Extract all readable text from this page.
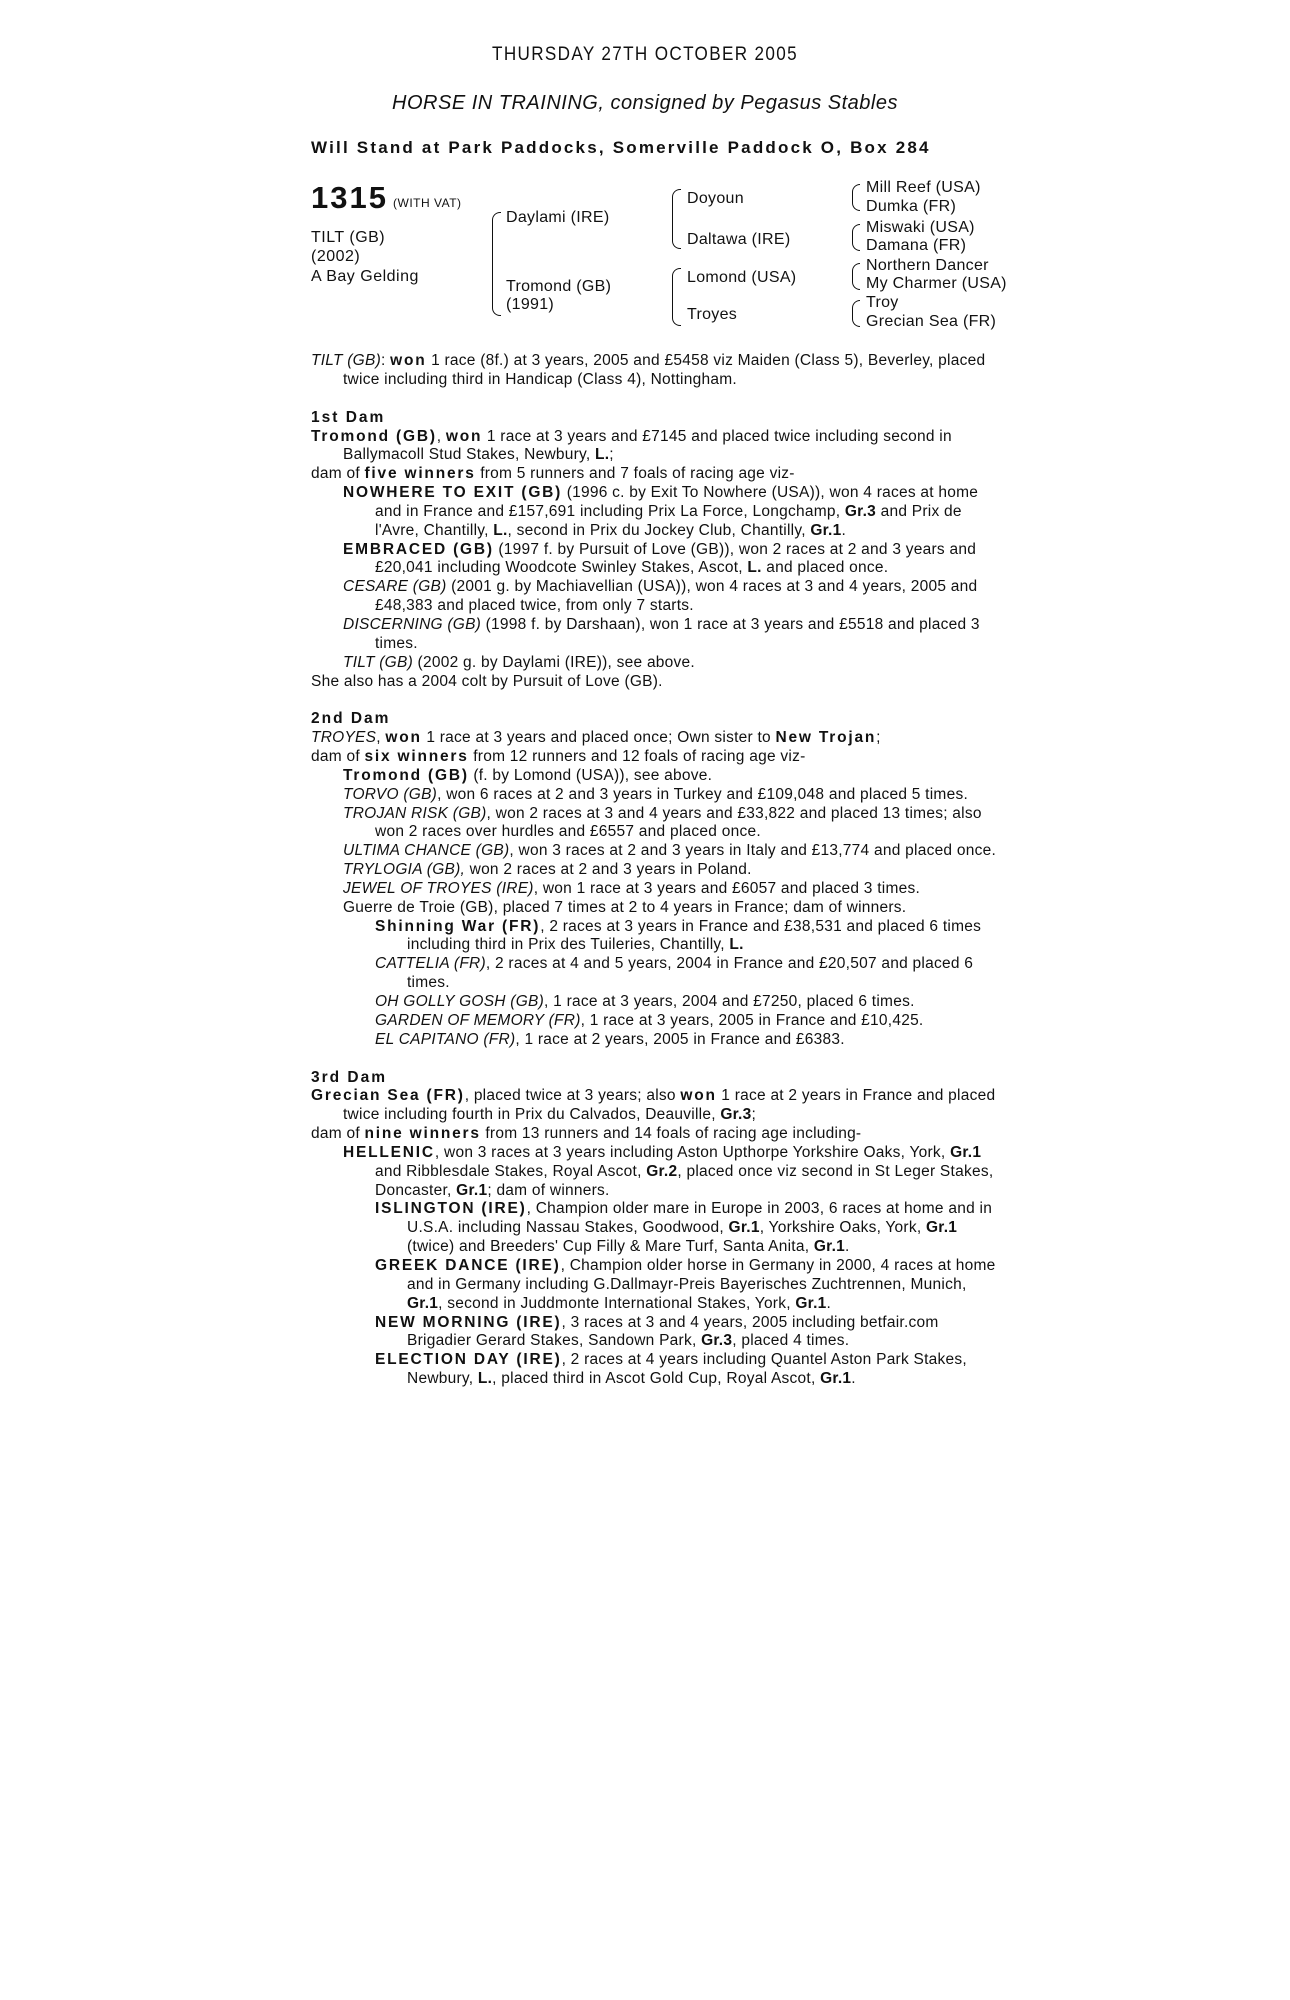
THURSDAY 27TH OCTOBER 2005
HORSE IN TRAINING, consigned by Pegasus Stables
Will Stand at Park Paddocks, Somerville Paddock O, Box 284
1315 (WITH VAT)
TILT (GB)
(2002)
A Bay Gelding
Daylami (IRE)
Tromond (GB)
(1991)
Doyoun
Daltawa (IRE)
Lomond (USA)
Troyes
Mill Reef (USA)
Dumka (FR)
Miswaki (USA)
Damana (FR)
Northern Dancer
My Charmer (USA)
Troy
Grecian Sea (FR)

TILT (GB): won 1 race (8f.) at 3 years, 2005 and £5458 viz Maiden (Class 5), Beverley, placed twice including third in Handicap (Class 4), Nottingham.

1st Dam

Tromond (GB), won 1 race at 3 years and £7145 and placed twice including second in Ballymacoll Stud Stakes, Newbury, L.;

dam of five winners from 5 runners and 7 foals of racing age viz-

NOWHERE TO EXIT (GB) (1996 c. by Exit To Nowhere (USA)), won 4 races at home and in France and £157,691 including Prix La Force, Longchamp, Gr.3 and Prix de l'Avre, Chantilly, L., second in Prix du Jockey Club, Chantilly, Gr.1.

EMBRACED (GB) (1997 f. by Pursuit of Love (GB)), won 2 races at 2 and 3 years and £20,041 including Woodcote Swinley Stakes, Ascot, L. and placed once.

CESARE (GB) (2001 g. by Machiavellian (USA)), won 4 races at 3 and 4 years, 2005 and £48,383 and placed twice, from only 7 starts.

DISCERNING (GB) (1998 f. by Darshaan), won 1 race at 3 years and £5518 and placed 3 times.

TILT (GB) (2002 g. by Daylami (IRE)), see above.

She also has a 2004 colt by Pursuit of Love (GB).

2nd Dam

TROYES, won 1 race at 3 years and placed once; Own sister to New Trojan;

dam of six winners from 12 runners and 12 foals of racing age viz-

Tromond (GB) (f. by Lomond (USA)), see above.

TORVO (GB), won 6 races at 2 and 3 years in Turkey and £109,048 and placed 5 times.

TROJAN RISK (GB), won 2 races at 3 and 4 years and £33,822 and placed 13 times; also won 2 races over hurdles and £6557 and placed once.

ULTIMA CHANCE (GB), won 3 races at 2 and 3 years in Italy and £13,774 and placed once.

TRYLOGIA (GB), won 2 races at 2 and 3 years in Poland.

JEWEL OF TROYES (IRE), won 1 race at 3 years and £6057 and placed 3 times.

Guerre de Troie (GB), placed 7 times at 2 to 4 years in France; dam of winners.

Shinning War (FR), 2 races at 3 years in France and £38,531 and placed 6 times including third in Prix des Tuileries, Chantilly, L.

CATTELIA (FR), 2 races at 4 and 5 years, 2004 in France and £20,507 and placed 6 times.

OH GOLLY GOSH (GB), 1 race at 3 years, 2004 and £7250, placed 6 times.

GARDEN OF MEMORY (FR), 1 race at 3 years, 2005 in France and £10,425.

EL CAPITANO (FR), 1 race at 2 years, 2005 in France and £6383.

3rd Dam

Grecian Sea (FR), placed twice at 3 years; also won 1 race at 2 years in France and placed twice including fourth in Prix du Calvados, Deauville, Gr.3;

dam of nine winners from 13 runners and 14 foals of racing age including-

HELLENIC, won 3 races at 3 years including Aston Upthorpe Yorkshire Oaks, York, Gr.1 and Ribblesdale Stakes, Royal Ascot, Gr.2, placed once viz second in St Leger Stakes, Doncaster, Gr.1; dam of winners.

ISLINGTON (IRE), Champion older mare in Europe in 2003, 6 races at home and in U.S.A. including Nassau Stakes, Goodwood, Gr.1, Yorkshire Oaks, York, Gr.1 (twice) and Breeders' Cup Filly & Mare Turf, Santa Anita, Gr.1.

GREEK DANCE (IRE), Champion older horse in Germany in 2000, 4 races at home and in Germany including G.Dallmayr-Preis Bayerisches Zuchtrennen, Munich, Gr.1, second in Juddmonte International Stakes, York, Gr.1.

NEW MORNING (IRE), 3 races at 3 and 4 years, 2005 including betfair.com Brigadier Gerard Stakes, Sandown Park, Gr.3, placed 4 times.

ELECTION DAY (IRE), 2 races at 4 years including Quantel Aston Park Stakes, Newbury, L., placed third in Ascot Gold Cup, Royal Ascot, Gr.1.
